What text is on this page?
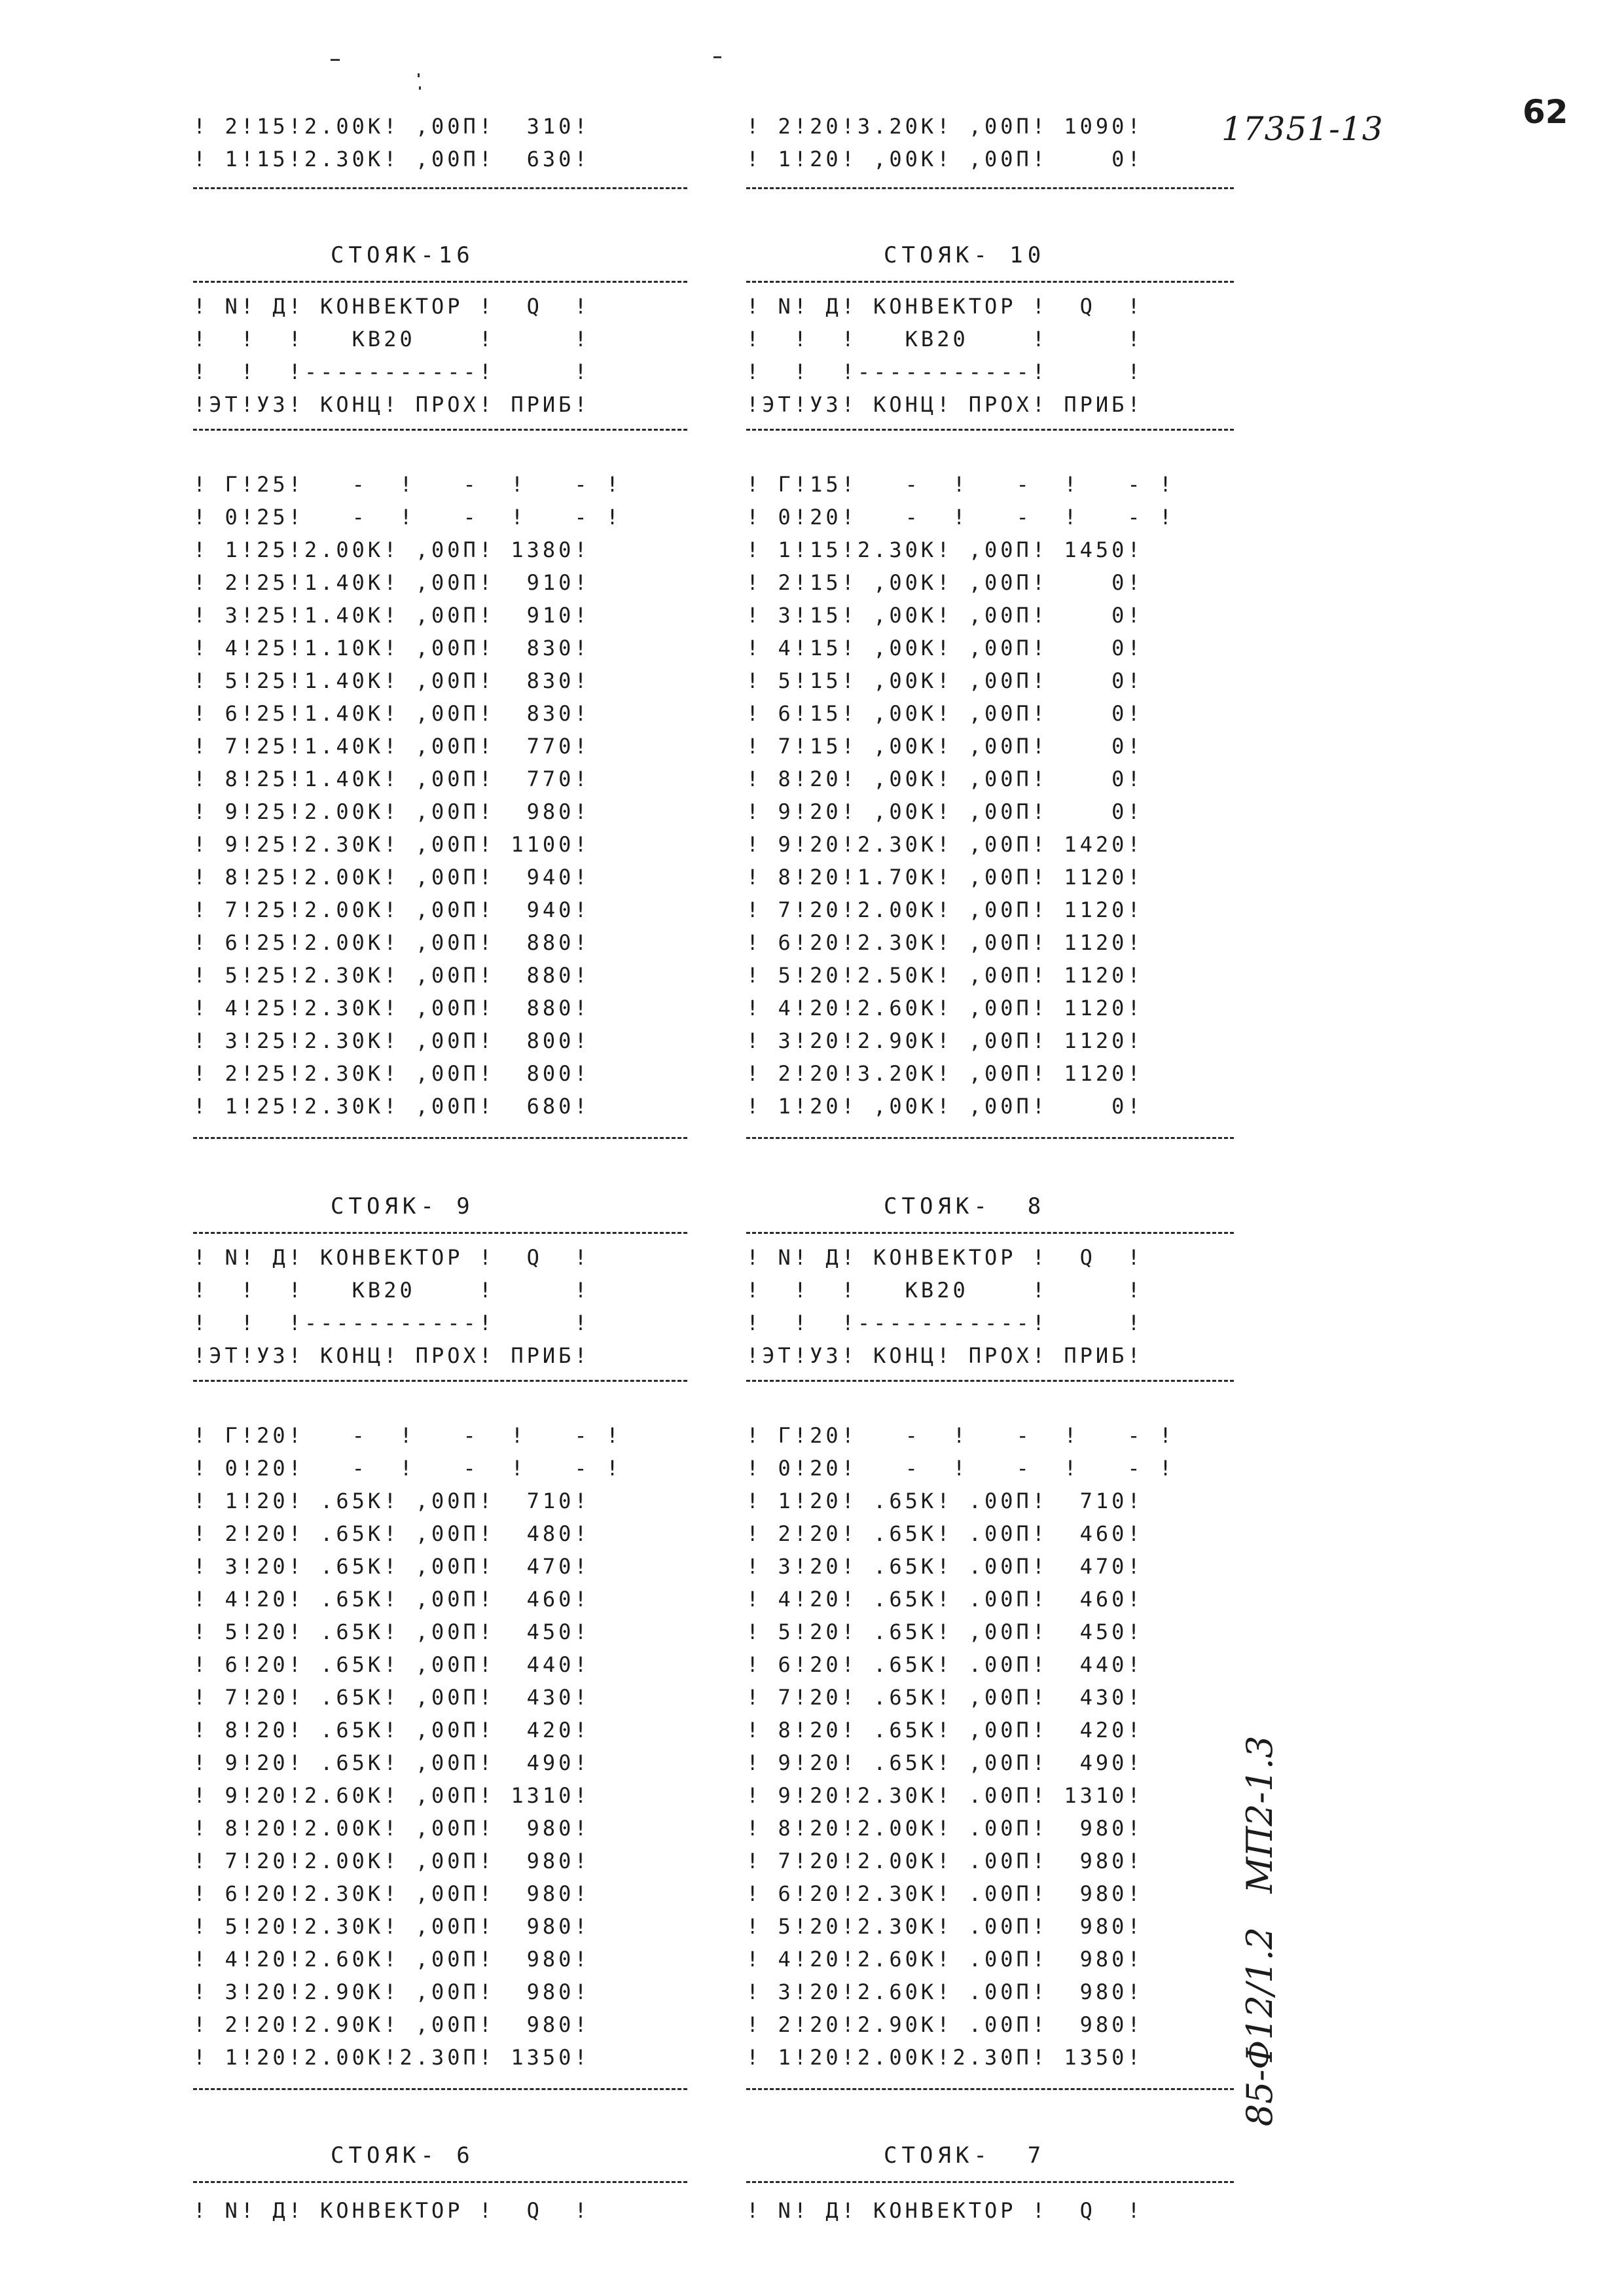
62
17351-13
85-Ф12/1.2   МП2-1.3
! 2!15!2.00K! ,00П!  310!
! 1!15!2.30K! ,00П!  630!
! 2!20!3.20K! ,00П! 1090!
! 1!20! ,00K! ,00П!    0!
СТОЯК-16
! N! Д! КОНВЕКТОР !  Q  !
!  !  !   КВ20    !     !
!  !  !-----------!     !
!ЭТ!УЗ! КОНЦ! ПРОХ! ПРИБ!
! Г!25!   -  !   -  !   - !
! 0!25!   -  !   -  !   - !
! 1!25!2.00K! ,00П! 1380!
! 2!25!1.40K! ,00П!  910!
! 3!25!1.40K! ,00П!  910!
! 4!25!1.10K! ,00П!  830!
! 5!25!1.40K! ,00П!  830!
! 6!25!1.40K! ,00П!  830!
! 7!25!1.40K! ,00П!  770!
! 8!25!1.40K! ,00П!  770!
! 9!25!2.00K! ,00П!  980!
! 9!25!2.30K! ,00П! 1100!
! 8!25!2.00K! ,00П!  940!
! 7!25!2.00K! ,00П!  940!
! 6!25!2.00K! ,00П!  880!
! 5!25!2.30K! ,00П!  880!
! 4!25!2.30K! ,00П!  880!
! 3!25!2.30K! ,00П!  800!
! 2!25!2.30K! ,00П!  800!
! 1!25!2.30K! ,00П!  680!
СТОЯК- 10
! N! Д! КОНВЕКТОР !  Q  !
!  !  !   КВ20    !     !
!  !  !-----------!     !
!ЭТ!УЗ! КОНЦ! ПРОХ! ПРИБ!
! Г!15!   -  !   -  !   - !
! 0!20!   -  !   -  !   - !
! 1!15!2.30K! ,00П! 1450!
! 2!15! ,00K! ,00П!    0!
! 3!15! ,00K! ,00П!    0!
! 4!15! ,00K! ,00П!    0!
! 5!15! ,00K! ,00П!    0!
! 6!15! ,00K! ,00П!    0!
! 7!15! ,00K! ,00П!    0!
! 8!20! ,00K! ,00П!    0!
! 9!20! ,00K! ,00П!    0!
! 9!20!2.30K! ,00П! 1420!
! 8!20!1.70K! ,00П! 1120!
! 7!20!2.00K! ,00П! 1120!
! 6!20!2.30K! ,00П! 1120!
! 5!20!2.50K! ,00П! 1120!
! 4!20!2.60K! ,00П! 1120!
! 3!20!2.90K! ,00П! 1120!
! 2!20!3.20K! ,00П! 1120!
! 1!20! ,00K! ,00П!    0!
СТОЯК- 9
! N! Д! КОНВЕКТОР !  Q  !
!  !  !   КВ20    !     !
!  !  !-----------!     !
!ЭТ!УЗ! КОНЦ! ПРОХ! ПРИБ!
! Г!20!   -  !   -  !   - !
! 0!20!   -  !   -  !   - !
! 1!20! .65K! ,00П!  710!
! 2!20! .65K! ,00П!  480!
! 3!20! .65K! ,00П!  470!
! 4!20! .65K! ,00П!  460!
! 5!20! .65K! ,00П!  450!
! 6!20! .65K! ,00П!  440!
! 7!20! .65K! ,00П!  430!
! 8!20! .65K! ,00П!  420!
! 9!20! .65K! ,00П!  490!
! 9!20!2.60K! ,00П! 1310!
! 8!20!2.00K! ,00П!  980!
! 7!20!2.00K! ,00П!  980!
! 6!20!2.30K! ,00П!  980!
! 5!20!2.30K! ,00П!  980!
! 4!20!2.60K! ,00П!  980!
! 3!20!2.90K! ,00П!  980!
! 2!20!2.90K! ,00П!  980!
! 1!20!2.00K!2.30П! 1350!
СТОЯК-  8
! N! Д! КОНВЕКТОР !  Q  !
!  !  !   КВ20    !     !
!  !  !-----------!     !
!ЭТ!УЗ! КОНЦ! ПРОХ! ПРИБ!
! Г!20!   -  !   -  !   - !
! 0!20!   -  !   -  !   - !
! 1!20! .65K! .00П!  710!
! 2!20! .65K! .00П!  460!
! 3!20! .65K! .00П!  470!
! 4!20! .65K! .00П!  460!
! 5!20! .65K! ,00П!  450!
! 6!20! .65K! .00П!  440!
! 7!20! .65K! ,00П!  430!
! 8!20! .65K! ,00П!  420!
! 9!20! .65K! ,00П!  490!
! 9!20!2.30K! .00П! 1310!
! 8!20!2.00K! .00П!  980!
! 7!20!2.00K! .00П!  980!
! 6!20!2.30K! .00П!  980!
! 5!20!2.30K! .00П!  980!
! 4!20!2.60K! .00П!  980!
! 3!20!2.60K! .00П!  980!
! 2!20!2.90K! .00П!  980!
! 1!20!2.00K!2.30П! 1350!
СТОЯК- 6
! N! Д! КОНВЕКТОР !  Q  !
СТОЯК-  7
! N! Д! КОНВЕКТОР !  Q  !
